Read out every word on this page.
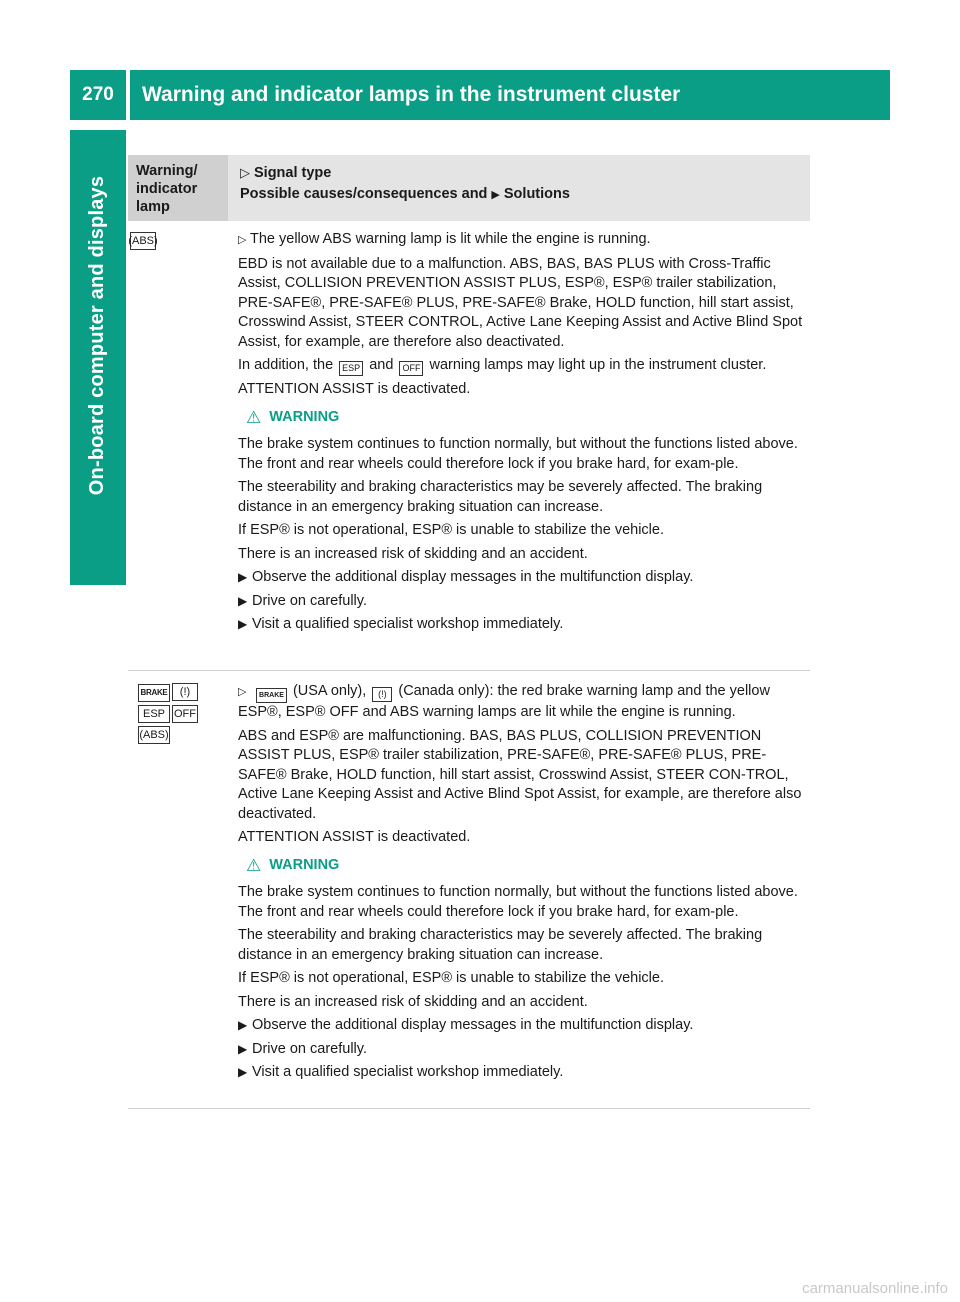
270	Warning and indicator lamps in the instrument cluster
On-board computer and displays
Warning/
indicator
lamp
▷ Signal type
Possible causes/consequences and ▶ Solutions
(ABS)	▷ The yellow ABS warning lamp is lit while the engine is running.

EBD is not available due to a malfunction. ABS, BAS, BAS PLUS with Cross-Traffic Assist, COLLISION PREVENTION ASSIST PLUS, ESP®, ESP® trailer stabilization, PRE-SAFE®, PRE-SAFE® PLUS, PRE-SAFE® Brake, HOLD function, hill start assist, Crosswind Assist, STEER CONTROL, Active Lane Keeping Assist and Active Blind Spot Assist, for example, are therefore also deactivated.

In addition, the ESP and OFF warning lamps may light up in the instrument cluster.

ATTENTION ASSIST is deactivated.

⚠ WARNING

The brake system continues to function normally, but without the functions listed above. The front and rear wheels could therefore lock if you brake hard, for exam-ple.

The steerability and braking characteristics may be severely affected. The braking distance in an emergency braking situation can increase.

If ESP® is not operational, ESP® is unable to stabilize the vehicle.

There is an increased risk of skidding and an accident.

▶ Observe the additional display messages in the multifunction display.

▶ Drive on carefully.

▶ Visit a qualified specialist workshop immediately.

BRAKE (!)
ESP OFF
(ABS)

▷ BRAKE (USA only), (!) (Canada only): the red brake warning lamp and the yellow ESP®, ESP® OFF and ABS warning lamps are lit while the engine is running.

ABS and ESP® are malfunctioning. BAS, BAS PLUS, COLLISION PREVENTION ASSIST PLUS, ESP® trailer stabilization, PRE-SAFE®, PRE-SAFE® PLUS, PRE-SAFE® Brake, HOLD function, hill start assist, Crosswind Assist, STEER CON-TROL, Active Lane Keeping Assist and Active Blind Spot Assist, for example, are therefore also deactivated.

ATTENTION ASSIST is deactivated.

⚠ WARNING

The brake system continues to function normally, but without the functions listed above. The front and rear wheels could therefore lock if you brake hard, for exam-ple.

The steerability and braking characteristics may be severely affected. The braking distance in an emergency braking situation can increase.

If ESP® is not operational, ESP® is unable to stabilize the vehicle.

There is an increased risk of skidding and an accident.

▶ Observe the additional display messages in the multifunction display.

▶ Drive on carefully.

▶ Visit a qualified specialist workshop immediately.

carmanualsonline.info
